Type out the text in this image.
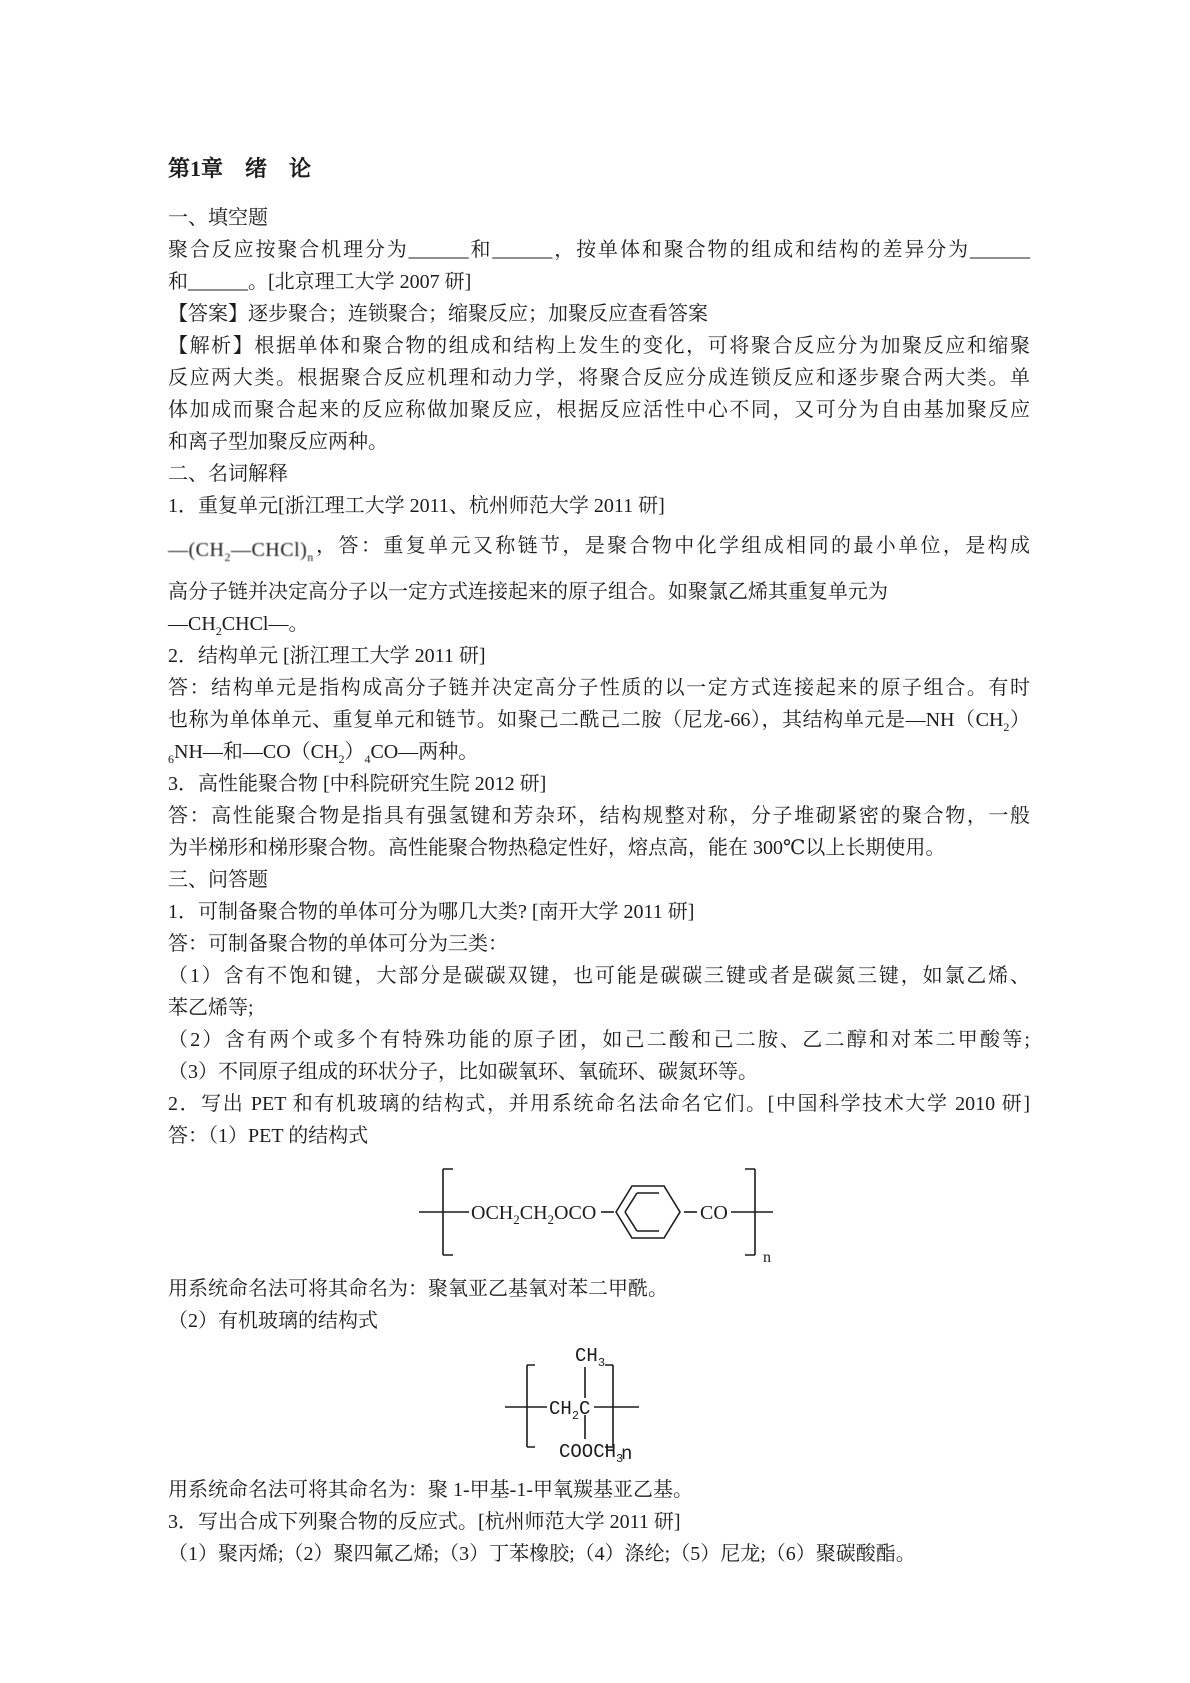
第1章　绪　论

一、填空题

聚合反应按聚合机理分为______和______，按单体和聚合物的组成和结构的差异分为______

和______。[北京理工大学 2007 研]

【答案】逐步聚合；连锁聚合；缩聚反应；加聚反应查看答案

【解析】根据单体和聚合物的组成和结构上发生的变化，可将聚合反应分为加聚反应和缩聚

反应两大类。根据聚合反应机理和动力学，将聚合反应分成连锁反应和逐步聚合两大类。单

体加成而聚合起来的反应称做加聚反应，根据反应活性中心不同，又可分为自由基加聚反应

和离子型加聚反应两种。

二、名词解释

1．重复单元[浙江理工大学 2011、杭州师范大学 2011 研]

$—(CH_2—CHCl)_n$，答：重复单元又称链节，是聚合物中化学组成相同的最小单位，是构成

高分子链并决定高分子以一定方式连接起来的原子组合。如聚氯乙烯其重复单元为

$—CH_2CHCl—$。

2．结构单元 [浙江理工大学 2011 研]

答：结构单元是指构成高分子链并决定高分子性质的以一定方式连接起来的原子组合。有时

也称为单体单元、重复单元和链节。如聚己二酰己二胺（尼龙-66），其结构单元是$—NH(CH_2)$

$_6$NH—和$—CO(CH_2)_4CO—$两种。

3．高性能聚合物 [中科院研究生院 2012 研]

答：高性能聚合物是指具有强氢键和芳杂环，结构规整对称，分子堆砌紧密的聚合物，一般

为半梯形和梯形聚合物。高性能聚合物热稳定性好，熔点高，能在 300℃以上长期使用。

三、问答题

1．可制备聚合物的单体可分为哪几大类? [南开大学 2011 研]

答：可制备聚合物的单体可分为三类：

（1）含有不饱和键，大部分是碳碳双键，也可能是碳碳三键或者是碳氮三键，如氯乙烯、

苯乙烯等;

（2）含有两个或多个有特殊功能的原子团，如己二酸和己二胺、乙二醇和对苯二甲酸等;

（3）不同原子组成的环状分子，比如碳氧环、氧硫环、碳氮环等。

2．写出 PET 和有机玻璃的结构式，并用系统命名法命名它们。[中国科学技术大学 2010 研]

答：（1）PET 的结构式

$OCH_2CH_2OCO$	CO
n

用系统命名法可将其命名为：聚氧亚乙基氧对苯二甲酰。

（2）有机玻璃的结构式

$CH_3$
$CH_2C$
n
$COOCH_3$

用系统命名法可将其命名为：聚 1-甲基-1-甲氧羰基亚乙基。

3．写出合成下列聚合物的反应式。[杭州师范大学 2011 研]

（1）聚丙烯;（2）聚四氟乙烯;（3）丁苯橡胶;（4）涤纶;（5）尼龙;（6）聚碳酸酯。
